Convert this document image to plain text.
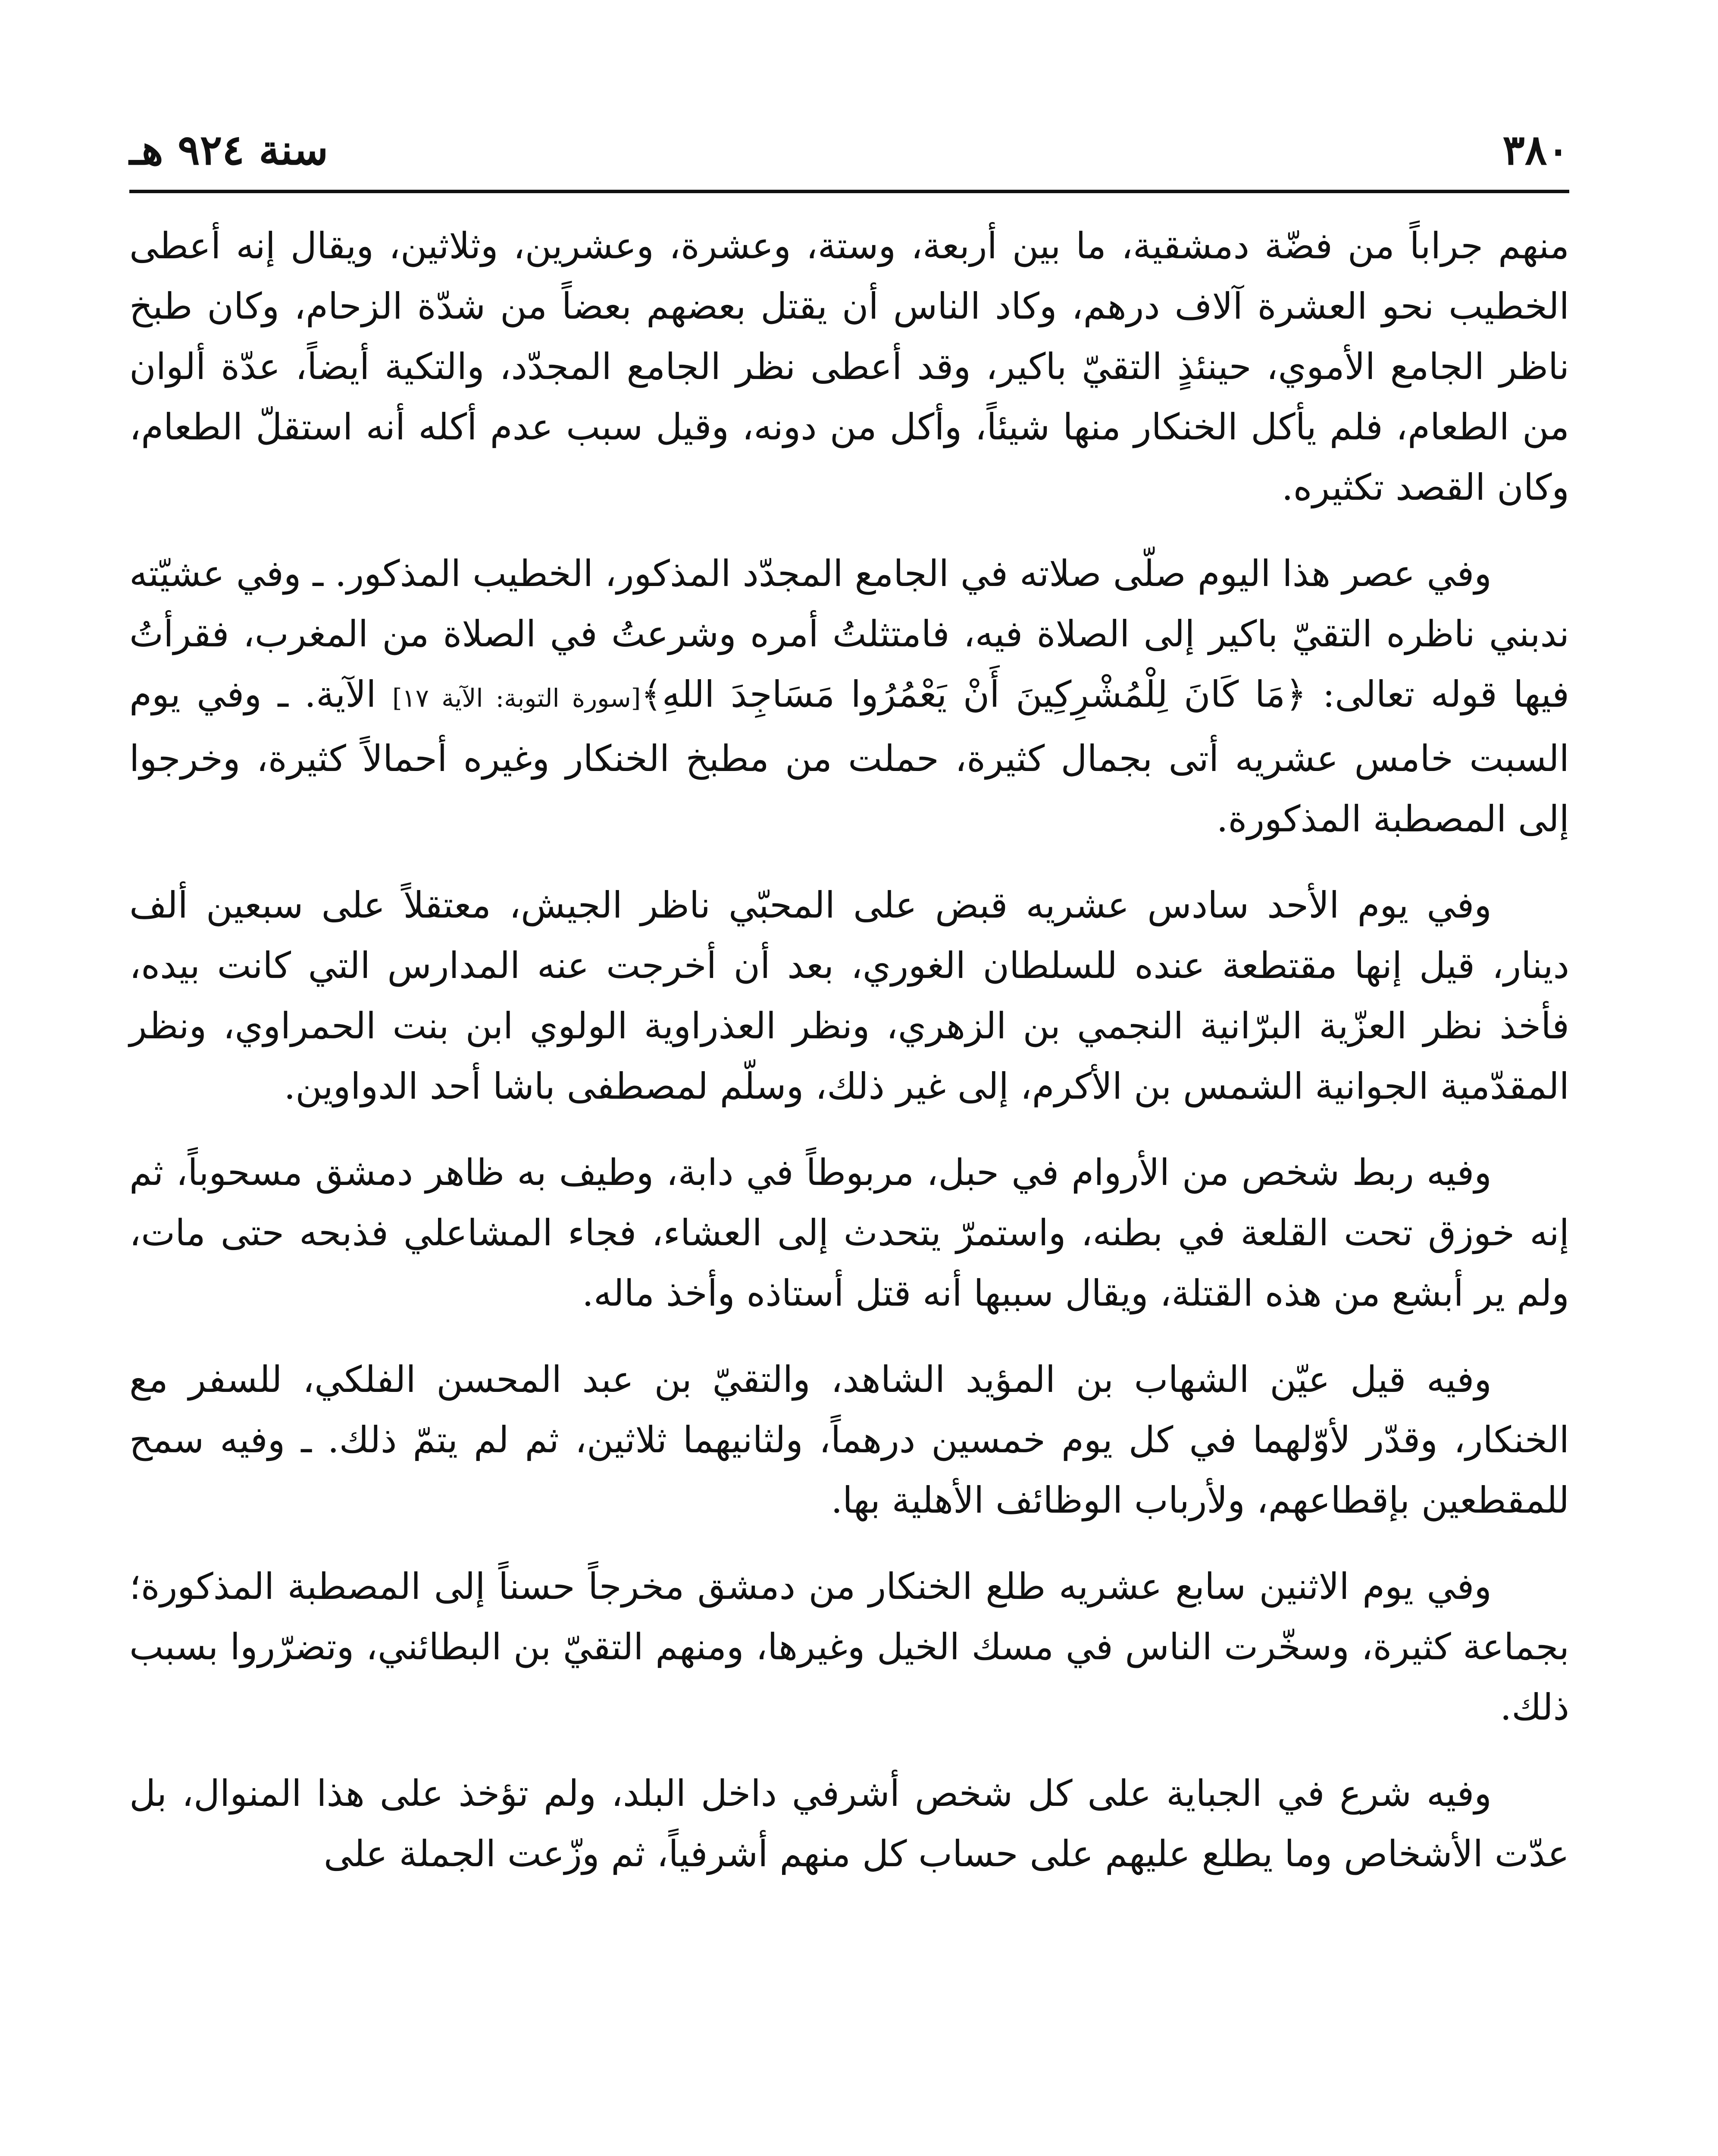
٣٨٠
سنة ٩٢٤ هـ

منهم جراباً من فضّة دمشقية، ما بين أربعة، وستة، وعشرة، وعشرين، وثلاثين، ويقال إنه أعطى الخطيب نحو العشرة آلاف درهم، وكاد الناس أن يقتل بعضهم بعضاً من شدّة الزحام، وكان طبخ ناظر الجامع الأموي، حينئذٍ التقيّ باكير، وقد أعطى نظر الجامع المجدّد، والتكية أيضاً، عدّة ألوان من الطعام، فلم يأكل الخنكار منها شيئاً، وأكل من دونه، وقيل سبب عدم أكله أنه استقلّ الطعام، وكان القصد تكثيره.

وفي عصر هذا اليوم صلّى صلاته في الجامع المجدّد المذكور، الخطيب المذكور. ـ وفي عشيّته ندبني ناظره التقيّ باكير إلى الصلاة فيه، فامتثلتُ أمره وشرعتُ في الصلاة من المغرب، فقرأتُ فيها قوله تعالى: ﴿مَا كَانَ لِلْمُشْرِكِينَ أَنْ يَعْمُرُوا مَسَاجِدَ اللهِ﴾[سورة التوبة: الآية ١٧] الآية. ـ وفي يوم السبت خامس عشريه أتى بجمال كثيرة، حملت من مطبخ الخنكار وغيره أحمالاً كثيرة، وخرجوا إلى المصطبة المذكورة.

وفي يوم الأحد سادس عشريه قبض على المحبّي ناظر الجيش، معتقلاً على سبعين ألف دينار، قيل إنها مقتطعة عنده للسلطان الغوري، بعد أن أخرجت عنه المدارس التي كانت بيده، فأخذ نظر العزّية البرّانية النجمي بن الزهري، ونظر العذراوية الولوي ابن بنت الحمراوي، ونظر المقدّمية الجوانية الشمس بن الأكرم، إلى غير ذلك، وسلّم لمصطفى باشا أحد الدواوين.

وفيه ربط شخص من الأروام في حبل، مربوطاً في دابة، وطيف به ظاهر دمشق مسحوباً، ثم إنه خوزق تحت القلعة في بطنه، واستمرّ يتحدث إلى العشاء، فجاء المشاعلي فذبحه حتى مات، ولم ير أبشع من هذه القتلة، ويقال سببها أنه قتل أستاذه وأخذ ماله.

وفيه قيل عيّن الشهاب بن المؤيد الشاهد، والتقيّ بن عبد المحسن الفلكي، للسفر مع الخنكار، وقدّر لأوّلهما في كل يوم خمسين درهماً، ولثانيهما ثلاثين، ثم لم يتمّ ذلك. ـ وفيه سمح للمقطعين بإقطاعهم، ولأرباب الوظائف الأهلية بها.

وفي يوم الاثنين سابع عشريه طلع الخنكار من دمشق مخرجاً حسناً إلى المصطبة المذكورة؛ بجماعة كثيرة، وسخّرت الناس في مسك الخيل وغيرها، ومنهم التقيّ بن البطائني، وتضرّروا بسبب ذلك.

وفيه شرع في الجباية على كل شخص أشرفي داخل البلد، ولم تؤخذ على هذا المنوال، بل عدّت الأشخاص وما يطلع عليهم على حساب كل منهم أشرفياً، ثم وزّعت الجملة على
